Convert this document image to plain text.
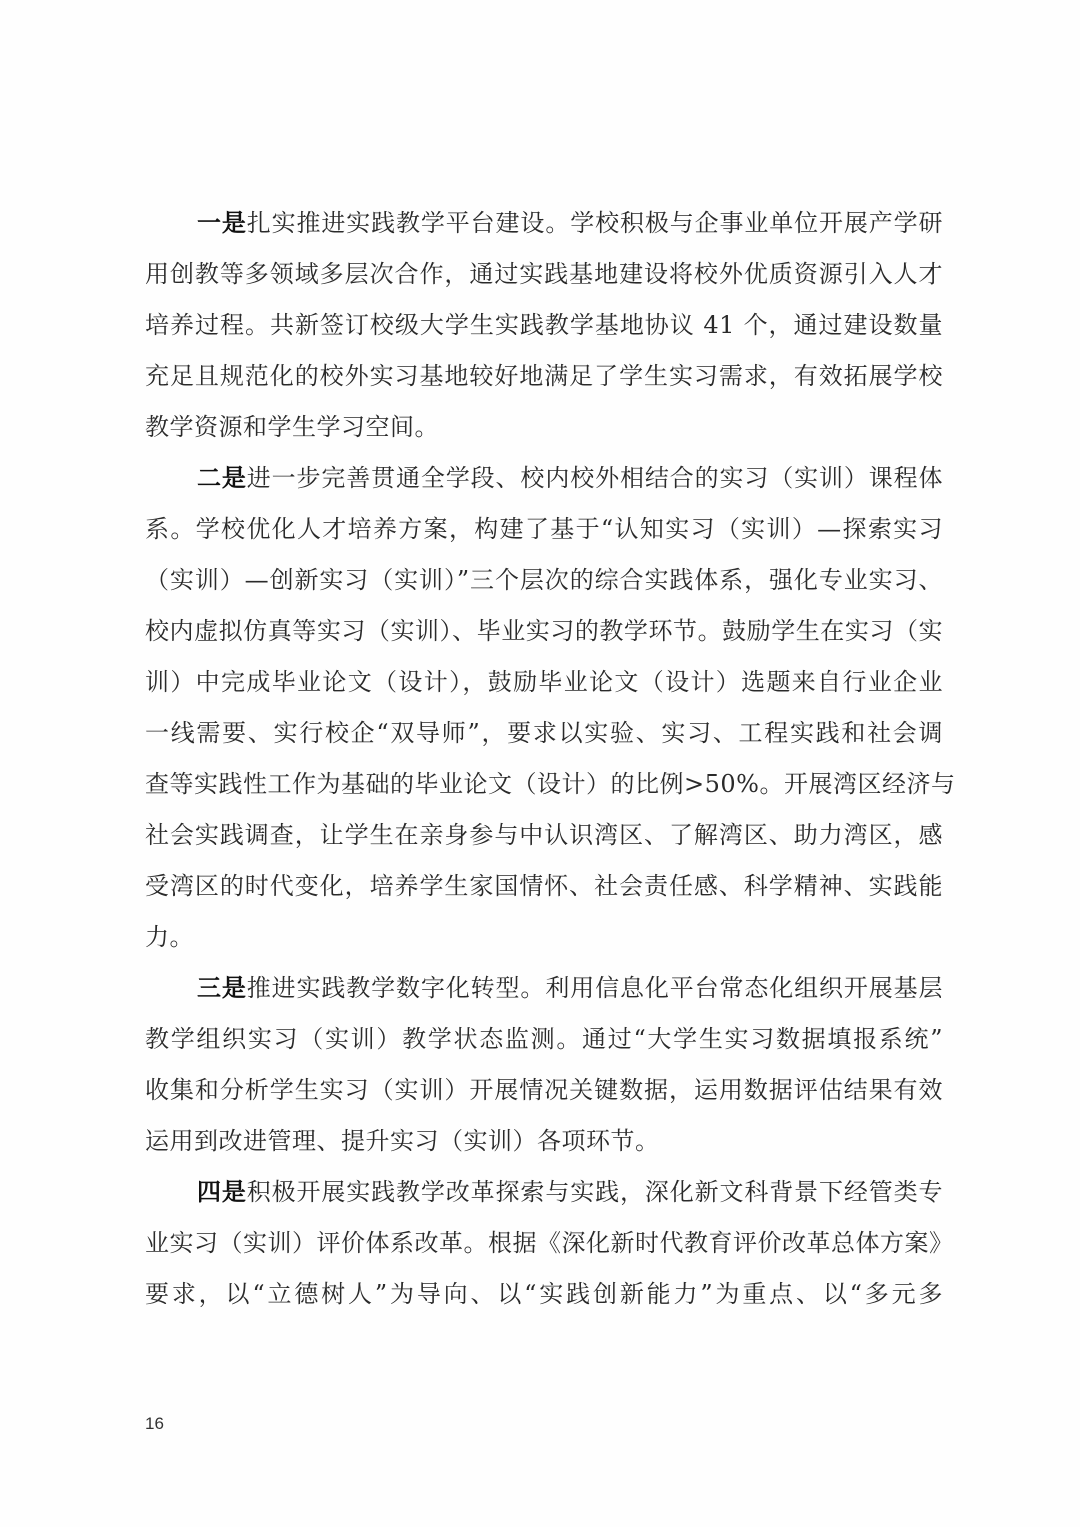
一是扎实推进实践教学平台建设。学校积极与企事业单位开展产学研
用创教等多领域多层次合作，通过实践基地建设将校外优质资源引入人才
培养过程。共新签订校级大学生实践教学基地协议 41 个，通过建设数量
充足且规范化的校外实习基地较好地满足了学生实习需求，有效拓展学校
教学资源和学生学习空间。
二是进一步完善贯通全学段、校内校外相结合的实习（实训）课程体
系。学校优化人才培养方案，构建了基于“认知实习（实训）—探索实习
（实训）—创新实习（实训）”三个层次的综合实践体系，强化专业实习、
校内虚拟仿真等实习（实训）、毕业实习的教学环节。鼓励学生在实习（实
训）中完成毕业论文（设计），鼓励毕业论文（设计）选题来自行业企业
一线需要、实行校企“双导师”，要求以实验、实习、工程实践和社会调
查等实践性工作为基础的毕业论文（设计）的比例>50%。开展湾区经济与
社会实践调查，让学生在亲身参与中认识湾区、了解湾区、助力湾区，感
受湾区的时代变化，培养学生家国情怀、社会责任感、科学精神、实践能
力。
三是推进实践教学数字化转型。利用信息化平台常态化组织开展基层
教学组织实习（实训）教学状态监测。通过“大学生实习数据填报系统”
收集和分析学生实习（实训）开展情况关键数据，运用数据评估结果有效
运用到改进管理、提升实习（实训）各项环节。
四是积极开展实践教学改革探索与实践，深化新文科背景下经管类专
业实习（实训）评价体系改革。根据《深化新时代教育评价改革总体方案》
要求，以“立德树人”为导向、以“实践创新能力”为重点、以“多元多
16
